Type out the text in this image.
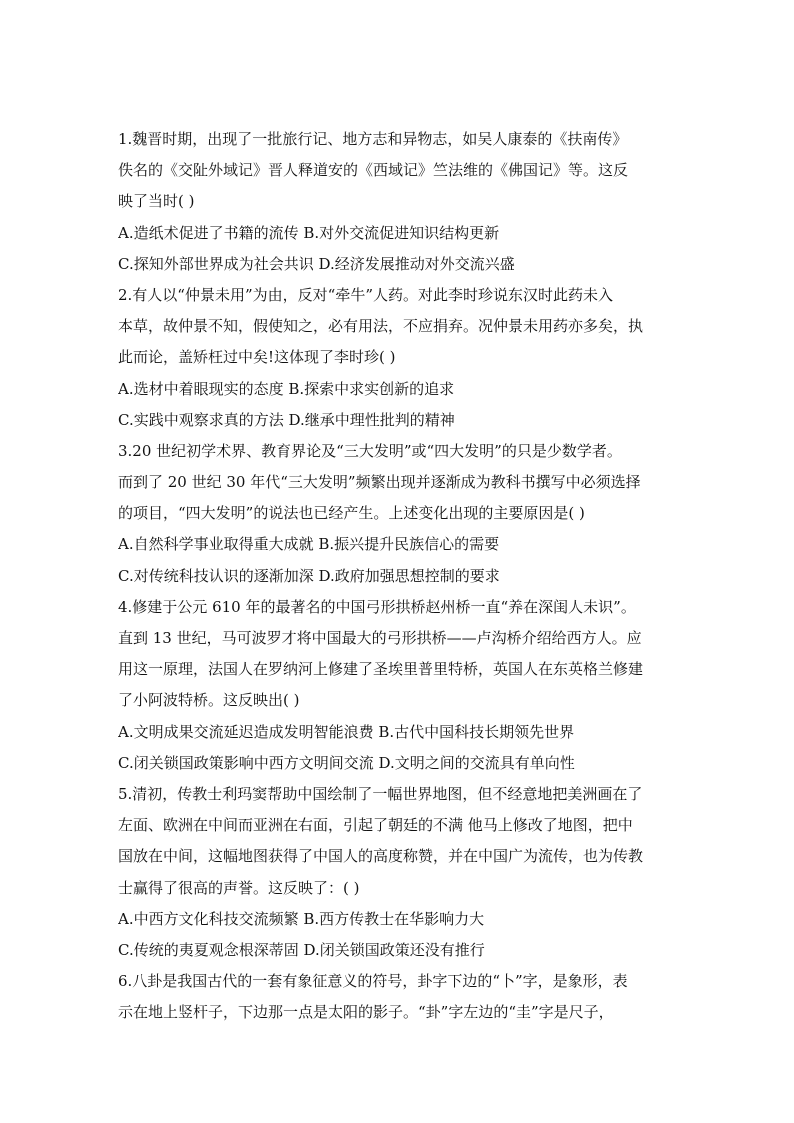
1.魏晋时期，出现了一批旅行记、地方志和异物志，如吴人康泰的《扶南传》
佚名的《交阯外域记》晋人释道安的《西域记》竺法维的《佛国记》等。这反
映了当时( )
A.造纸术促进了书籍的流传 B.对外交流促进知识结构更新
C.探知外部世界成为社会共识 D.经济发展推动对外交流兴盛
2.有人以“仲景未用”为由，反对“牵牛”人药。对此李时珍说东汉时此药未入
本草，故仲景不知，假使知之，必有用法，不应捐弃。况仲景未用药亦多矣，执
此而论，盖矫枉过中矣!这体现了李时珍( )
A.选材中着眼现实的态度 B.探索中求实创新的追求
C.实践中观察求真的方法 D.继承中理性批判的精神
3.20 世纪初学术界、教育界论及“三大发明”或“四大发明”的只是少数学者。
而到了 20 世纪 30 年代“三大发明”频繁出现并逐渐成为教科书撰写中必须选择
的项目，“四大发明”的说法也已经产生。上述变化出现的主要原因是( )
A.自然科学事业取得重大成就 B.振兴提升民族信心的需要
C.对传统科技认识的逐渐加深 D.政府加强思想控制的要求
4.修建于公元 610 年的最著名的中国弓形拱桥赵州桥一直“养在深闺人未识”。
直到 13 世纪，马可波罗才将中国最大的弓形拱桥——卢沟桥介绍给西方人。应
用这一原理，法国人在罗纳河上修建了圣埃里普里特桥，英国人在东英格兰修建
了小阿波特桥。这反映出( )
A.文明成果交流延迟造成发明智能浪费 B.古代中国科技长期领先世界
C.闭关锁国政策影响中西方文明间交流 D.文明之间的交流具有单向性
5.清初，传教士利玛窦帮助中国绘制了一幅世界地图，但不经意地把美洲画在了
左面、欧洲在中间而亚洲在右面，引起了朝廷的不满 他马上修改了地图，把中
国放在中间，这幅地图获得了中国人的高度称赞，并在中国广为流传，也为传教
士赢得了很高的声誉。这反映了：( )
A.中西方文化科技交流频繁 B.西方传教士在华影响力大
C.传统的夷夏观念根深蒂固 D.闭关锁国政策还没有推行
6.八卦是我国古代的一套有象征意义的符号，卦字下边的“卜”字，是象形，表
示在地上竖杆子，下边那一点是太阳的影子。“卦”字左边的“圭”字是尺子，
